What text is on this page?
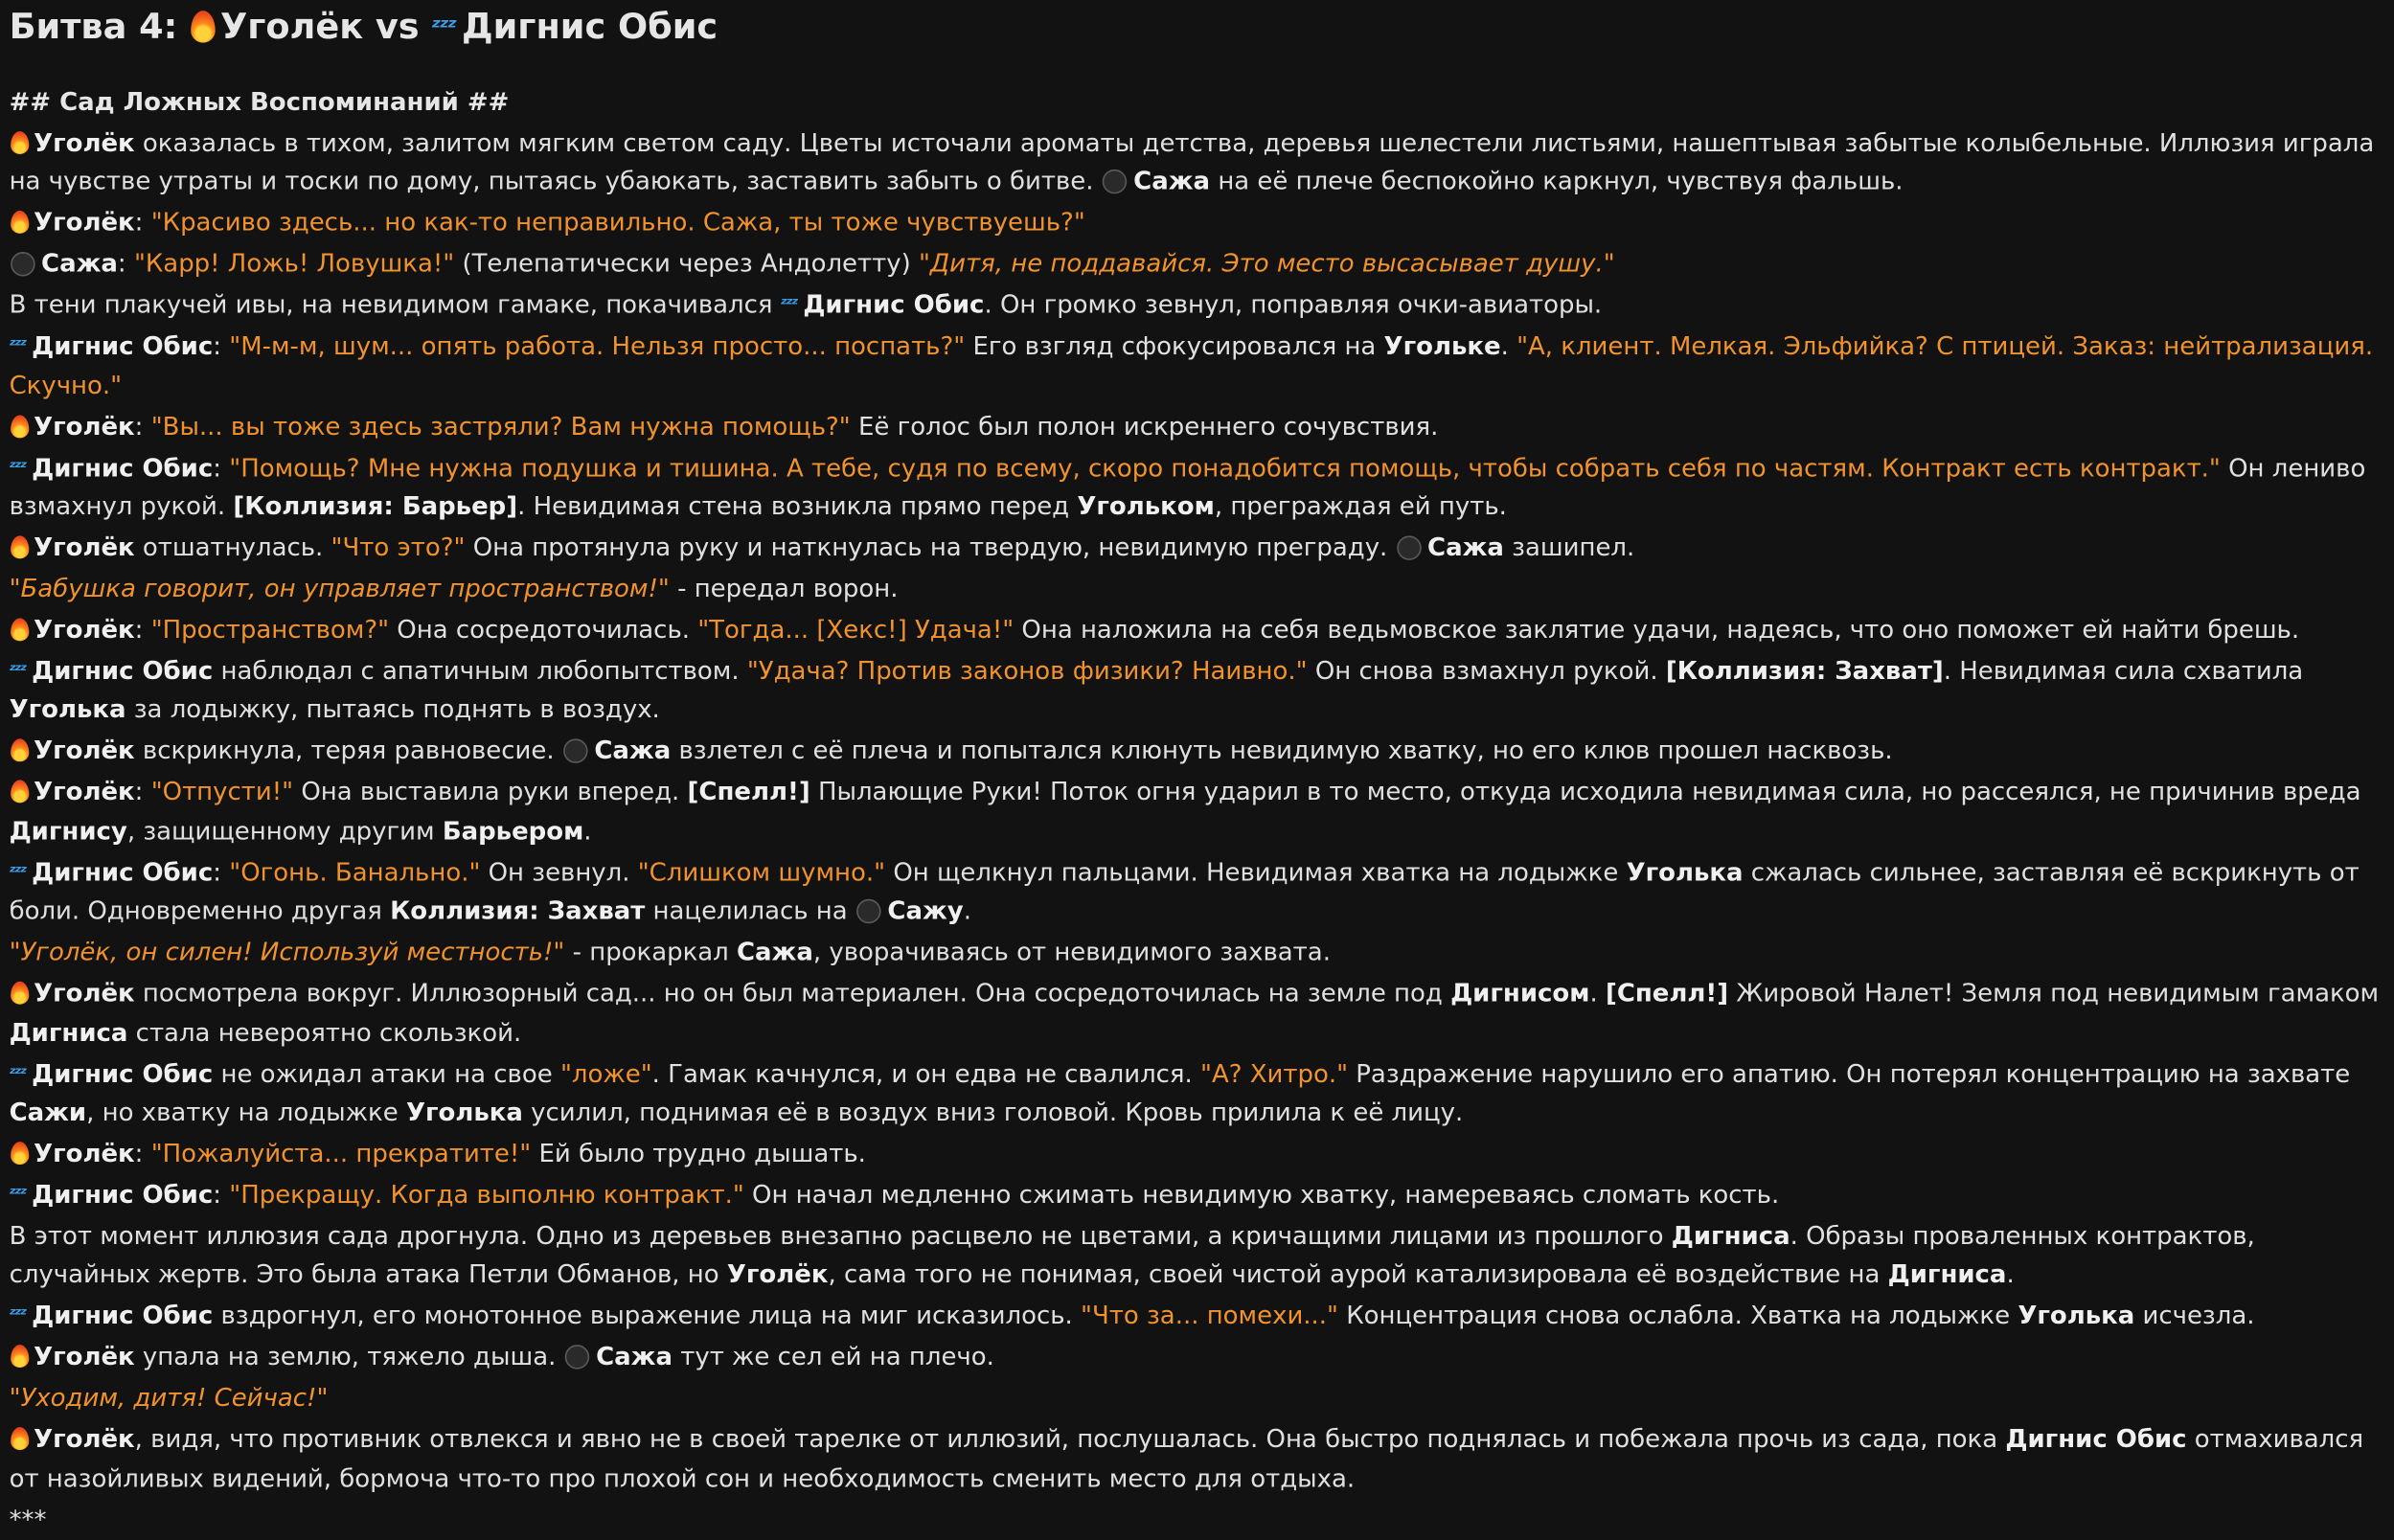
Битва 4: Уголёк vs ᶻᶻᶻ Дигнис Обис
## Сад Ложных Воспоминаний ##
Уголёк оказалась в тихом, залитом мягким светом саду. Цветы источали ароматы детства, деревья шелестели листьями, нашептывая забытые колыбельные. Иллюзия играла на чувстве утраты и тоски по дому, пытаясь убаюкать, заставить забыть о битве.	Сажа на её плече беспокойно каркнул, чувствуя фальшь.
Уголёк: "Красиво здесь... но как-то неправильно. Сажа, ты тоже чувствуешь?"
Сажа: "Карр! Ложь! Ловушка!" (Телепатически через Андолетту) "Дитя, не поддавайся. Это место высасывает душу."
В тени плакучей ивы, на невидимом гамаке, покачивался ᶻᶻᶻ Дигнис Обис. Он громко зевнул, поправляя очки-авиаторы.
ᶻᶻᶻ Дигнис Обис: "М-м-м, шум... опять работа. Нельзя просто... поспать?" Его взгляд сфокусировался на Угольке. "А, клиент. Мелкая. Эльфийка? С птицей. Заказ: нейтрализация. Скучно."
Уголёк: "Вы... вы тоже здесь застряли? Вам нужна помощь?" Её голос был полон искреннего сочувствия.
ᶻᶻᶻ Дигнис Обис: "Помощь? Мне нужна подушка и тишина. А тебе, судя по всему, скоро понадобится помощь, чтобы собрать себя по частям. Контракт есть контракт." Он лениво взмахнул рукой. [Коллизия: Барьер]. Невидимая стена возникла прямо перед Угольком, преграждая ей путь.
Уголёк отшатнулась. "Что это?" Она протянула руку и наткнулась на твердую, невидимую преграду.	Сажа зашипел.
"Бабушка говорит, он управляет пространством!" - передал ворон.
Уголёк: "Пространством?" Она сосредоточилась. "Тогда... [Хекс!] Удача!" Она наложила на себя ведьмовское заклятие удачи, надеясь, что оно поможет ей найти брешь.
ᶻᶻᶻ Дигнис Обис наблюдал с апатичным любопытством. "Удача? Против законов физики? Наивно." Он снова взмахнул рукой. [Коллизия: Захват]. Невидимая сила схватила Уголька за лодыжку, пытаясь поднять в воздух.
Уголёк вскрикнула, теряя равновесие.	Сажа взлетел с её плеча и попытался клюнуть невидимую хватку, но его клюв прошел насквозь.
Уголёк: "Отпусти!" Она выставила руки вперед. [Спелл!] Пылающие Руки! Поток огня ударил в то место, откуда исходила невидимая сила, но рассеялся, не причинив вреда Дигнису, защищенному другим Барьером.
ᶻᶻᶻ Дигнис Обис: "Огонь. Банально." Он зевнул. "Слишком шумно." Он щелкнул пальцами. Невидимая хватка на лодыжке Уголька сжалась сильнее, заставляя её вскрикнуть от боли. Одновременно другая Коллизия: Захват нацелилась на	Сажу.
"Уголёк, он силен! Используй местность!" - прокаркал Сажа, уворачиваясь от невидимого захвата.
Уголёк посмотрела вокруг. Иллюзорный сад... но он был материален. Она сосредоточилась на земле под Дигнисом. [Спелл!] Жировой Налет! Земля под невидимым гамаком Дигниса стала невероятно скользкой.
ᶻᶻᶻ Дигнис Обис не ожидал атаки на свое "ложе". Гамак качнулся, и он едва не свалился. "А? Хитро." Раздражение нарушило его апатию. Он потерял концентрацию на захвате Сажи, но хватку на лодыжке Уголька усилил, поднимая её в воздух вниз головой. Кровь прилила к её лицу.
Уголёк: "Пожалуйста... прекратите!" Ей было трудно дышать.
ᶻᶻᶻ Дигнис Обис: "Прекращу. Когда выполню контракт." Он начал медленно сжимать невидимую хватку, намереваясь сломать кость.
В этот момент иллюзия сада дрогнула. Одно из деревьев внезапно расцвело не цветами, а кричащими лицами из прошлого Дигниса. Образы проваленных контрактов, случайных жертв. Это была атака Петли Обманов, но Уголёк, сама того не понимая, своей чистой аурой катализировала её воздействие на Дигниса.
ᶻᶻᶻ Дигнис Обис вздрогнул, его монотонное выражение лица на миг исказилось. "Что за... помехи..." Концентрация снова ослабла. Хватка на лодыжке Уголька исчезла.
Уголёк упала на землю, тяжело дыша.	Сажа тут же сел ей на плечо.
"Уходим, дитя! Сейчас!"
Уголёк, видя, что противник отвлекся и явно не в своей тарелке от иллюзий, послушалась. Она быстро поднялась и побежала прочь из сада, пока Дигнис Обис отмахивался от назойливых видений, бормоча что-то про плохой сон и необходимость сменить место для отдыха.
***
